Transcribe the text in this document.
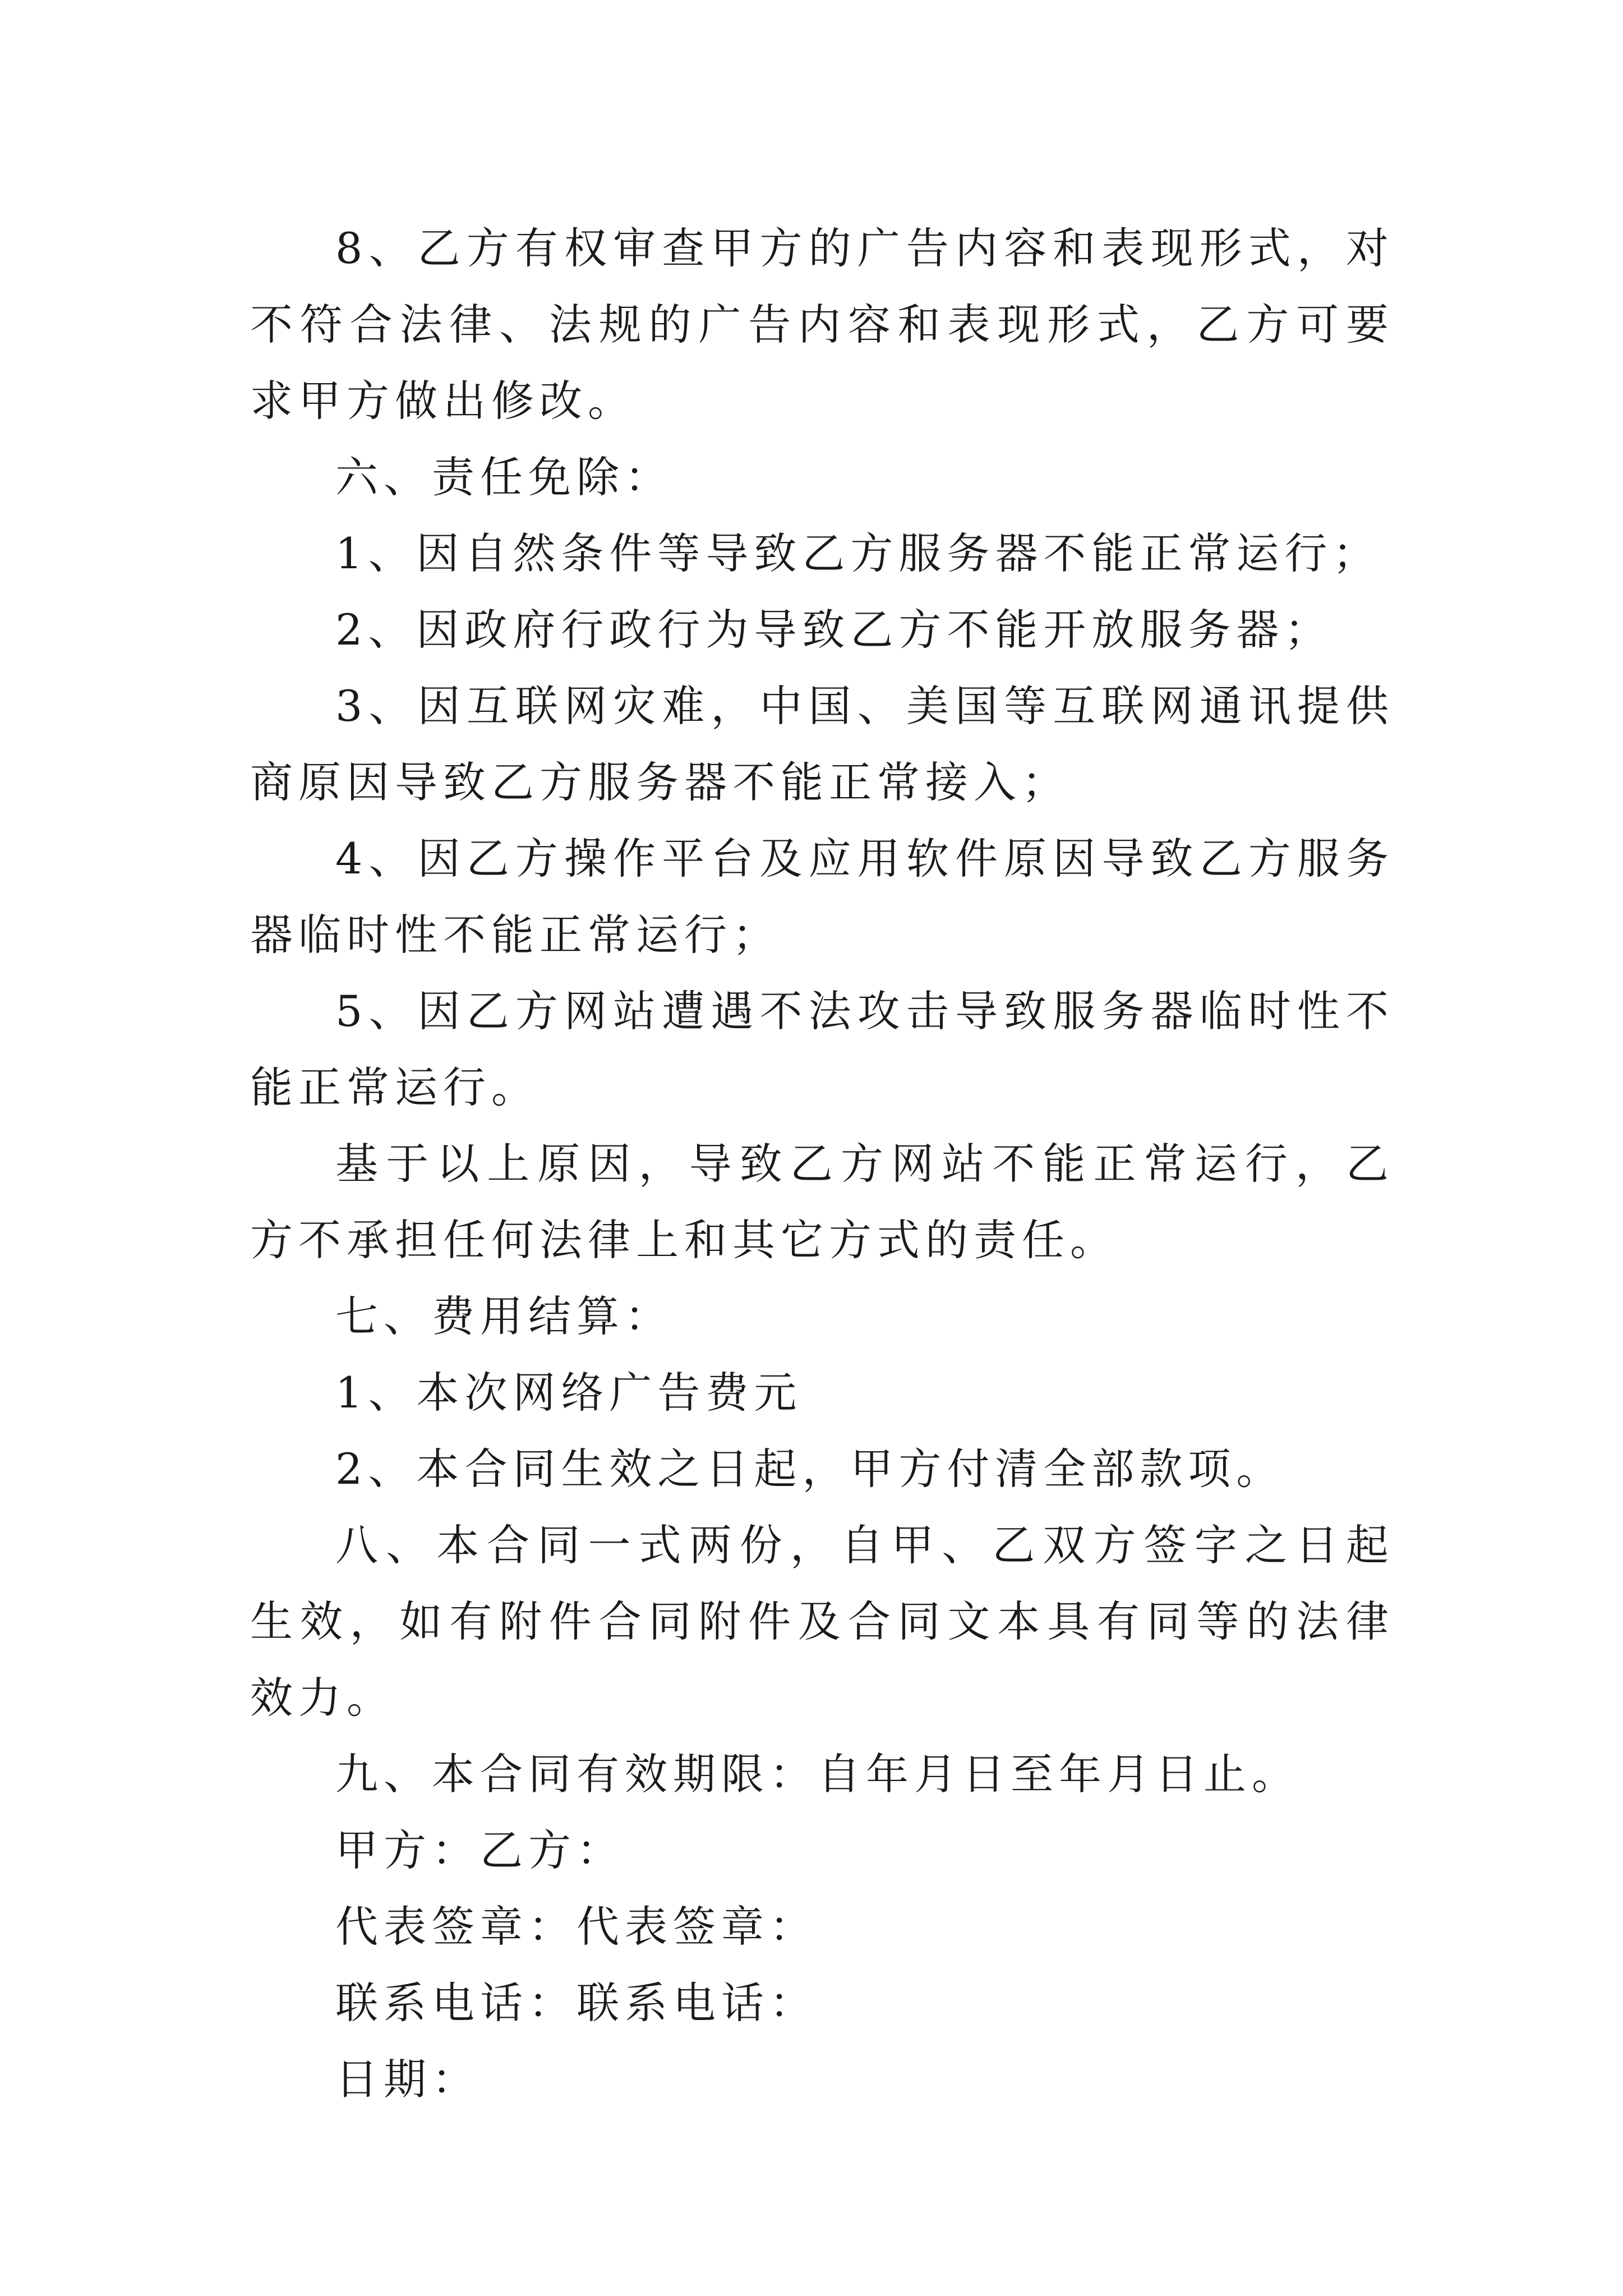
8、乙方有权审查甲方的广告内容和表现形式，对不符合法律、法规的广告内容和表现形式，乙方可要求甲方做出修改。

六、责任免除：

1、因自然条件等导致乙方服务器不能正常运行；

2、因政府行政行为导致乙方不能开放服务器；

3、因互联网灾难，中国、美国等互联网通讯提供商原因导致乙方服务器不能正常接入；

4、因乙方操作平台及应用软件原因导致乙方服务器临时性不能正常运行；

5、因乙方网站遭遇不法攻击导致服务器临时性不能正常运行。

基于以上原因，导致乙方网站不能正常运行，乙方不承担任何法律上和其它方式的责任。

七、费用结算：

1、本次网络广告费元

2、本合同生效之日起，甲方付清全部款项。

八、本合同一式两份，自甲、乙双方签字之日起生效，如有附件合同附件及合同文本具有同等的法律效力。

九、本合同有效期限：自年月日至年月日止。

甲方：乙方：

代表签章：代表签章：

联系电话：联系电话：

日期：
